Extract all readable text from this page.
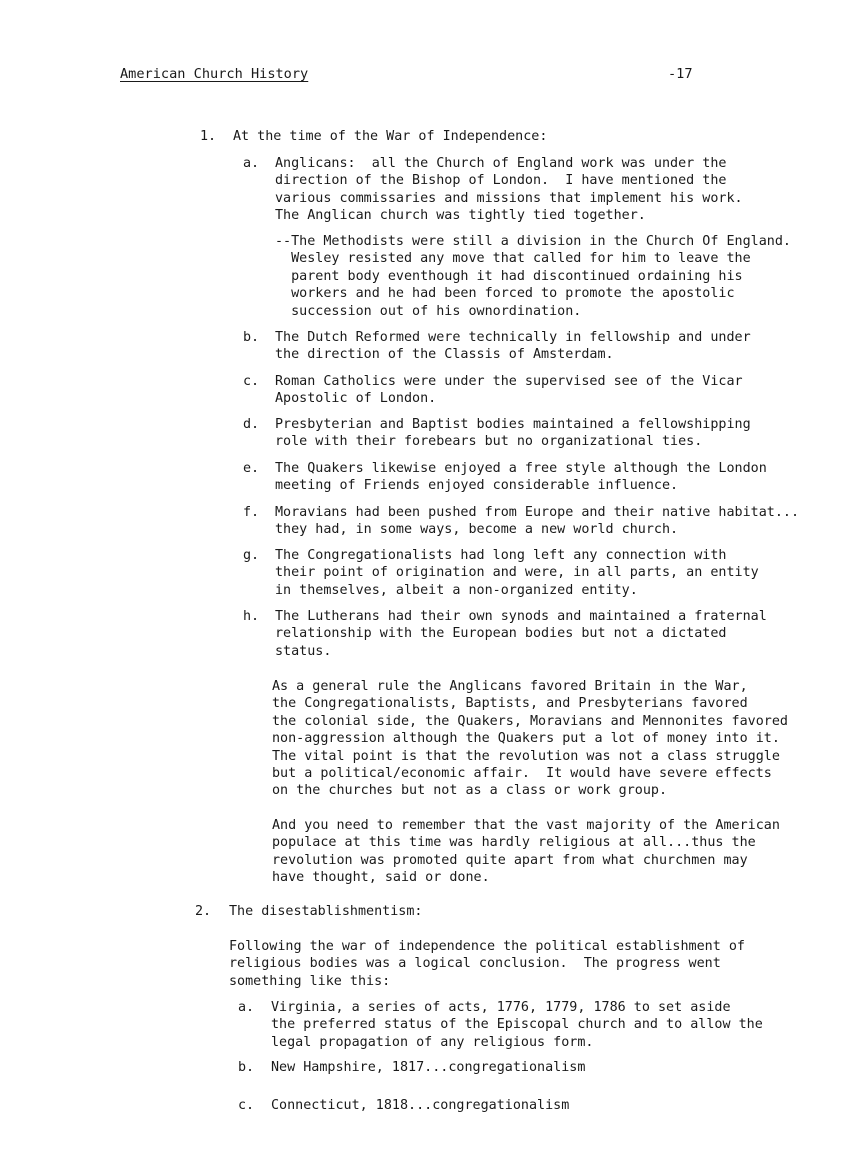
American Church History	-17
1. At the time of the War of Independence:
a. Anglicans:  all the Church of England work was under the
direction of the Bishop of London.  I have mentioned the
various commissaries and missions that implement his work.
The Anglican church was tightly tied together.
--The Methodists were still a division in the Church Of England.
Wesley resisted any move that called for him to leave the
parent body eventhough it had discontinued ordaining his
workers and he had been forced to promote the apostolic
succession out of his ownordination.
b. The Dutch Reformed were technically in fellowship and under
the direction of the Classis of Amsterdam.
c. Roman Catholics were under the supervised see of the Vicar
Apostolic of London.
d. Presbyterian and Baptist bodies maintained a fellowshipping
role with their forebears but no organizational ties.
e. The Quakers likewise enjoyed a free style although the London
meeting of Friends enjoyed considerable influence.
f. Moravians had been pushed from Europe and their native habitat...
they had, in some ways, become a new world church.
g. The Congregationalists had long left any connection with
their point of origination and were, in all parts, an entity
in themselves, albeit a non-organized entity.
h. The Lutherans had their own synods and maintained a fraternal
relationship with the European bodies but not a dictated
status.
As a general rule the Anglicans favored Britain in the War,
the Congregationalists, Baptists, and Presbyterians favored
the colonial side, the Quakers, Moravians and Mennonites favored
non-aggression although the Quakers put a lot of money into it.
The vital point is that the revolution was not a class struggle
but a political/economic affair.  It would have severe effects
on the churches but not as a class or work group.
And you need to remember that the vast majority of the American
populace at this time was hardly religious at all...thus the
revolution was promoted quite apart from what churchmen may
have thought, said or done.
2. The disestablishmentism:
Following the war of independence the political establishment of
religious bodies was a logical conclusion.  The progress went
something like this:
a. Virginia, a series of acts, 1776, 1779, 1786 to set aside
the preferred status of the Episcopal church and to allow the
legal propagation of any religious form.
b. New Hampshire, 1817...congregationalism
c. Connecticut, 1818...congregationalism
